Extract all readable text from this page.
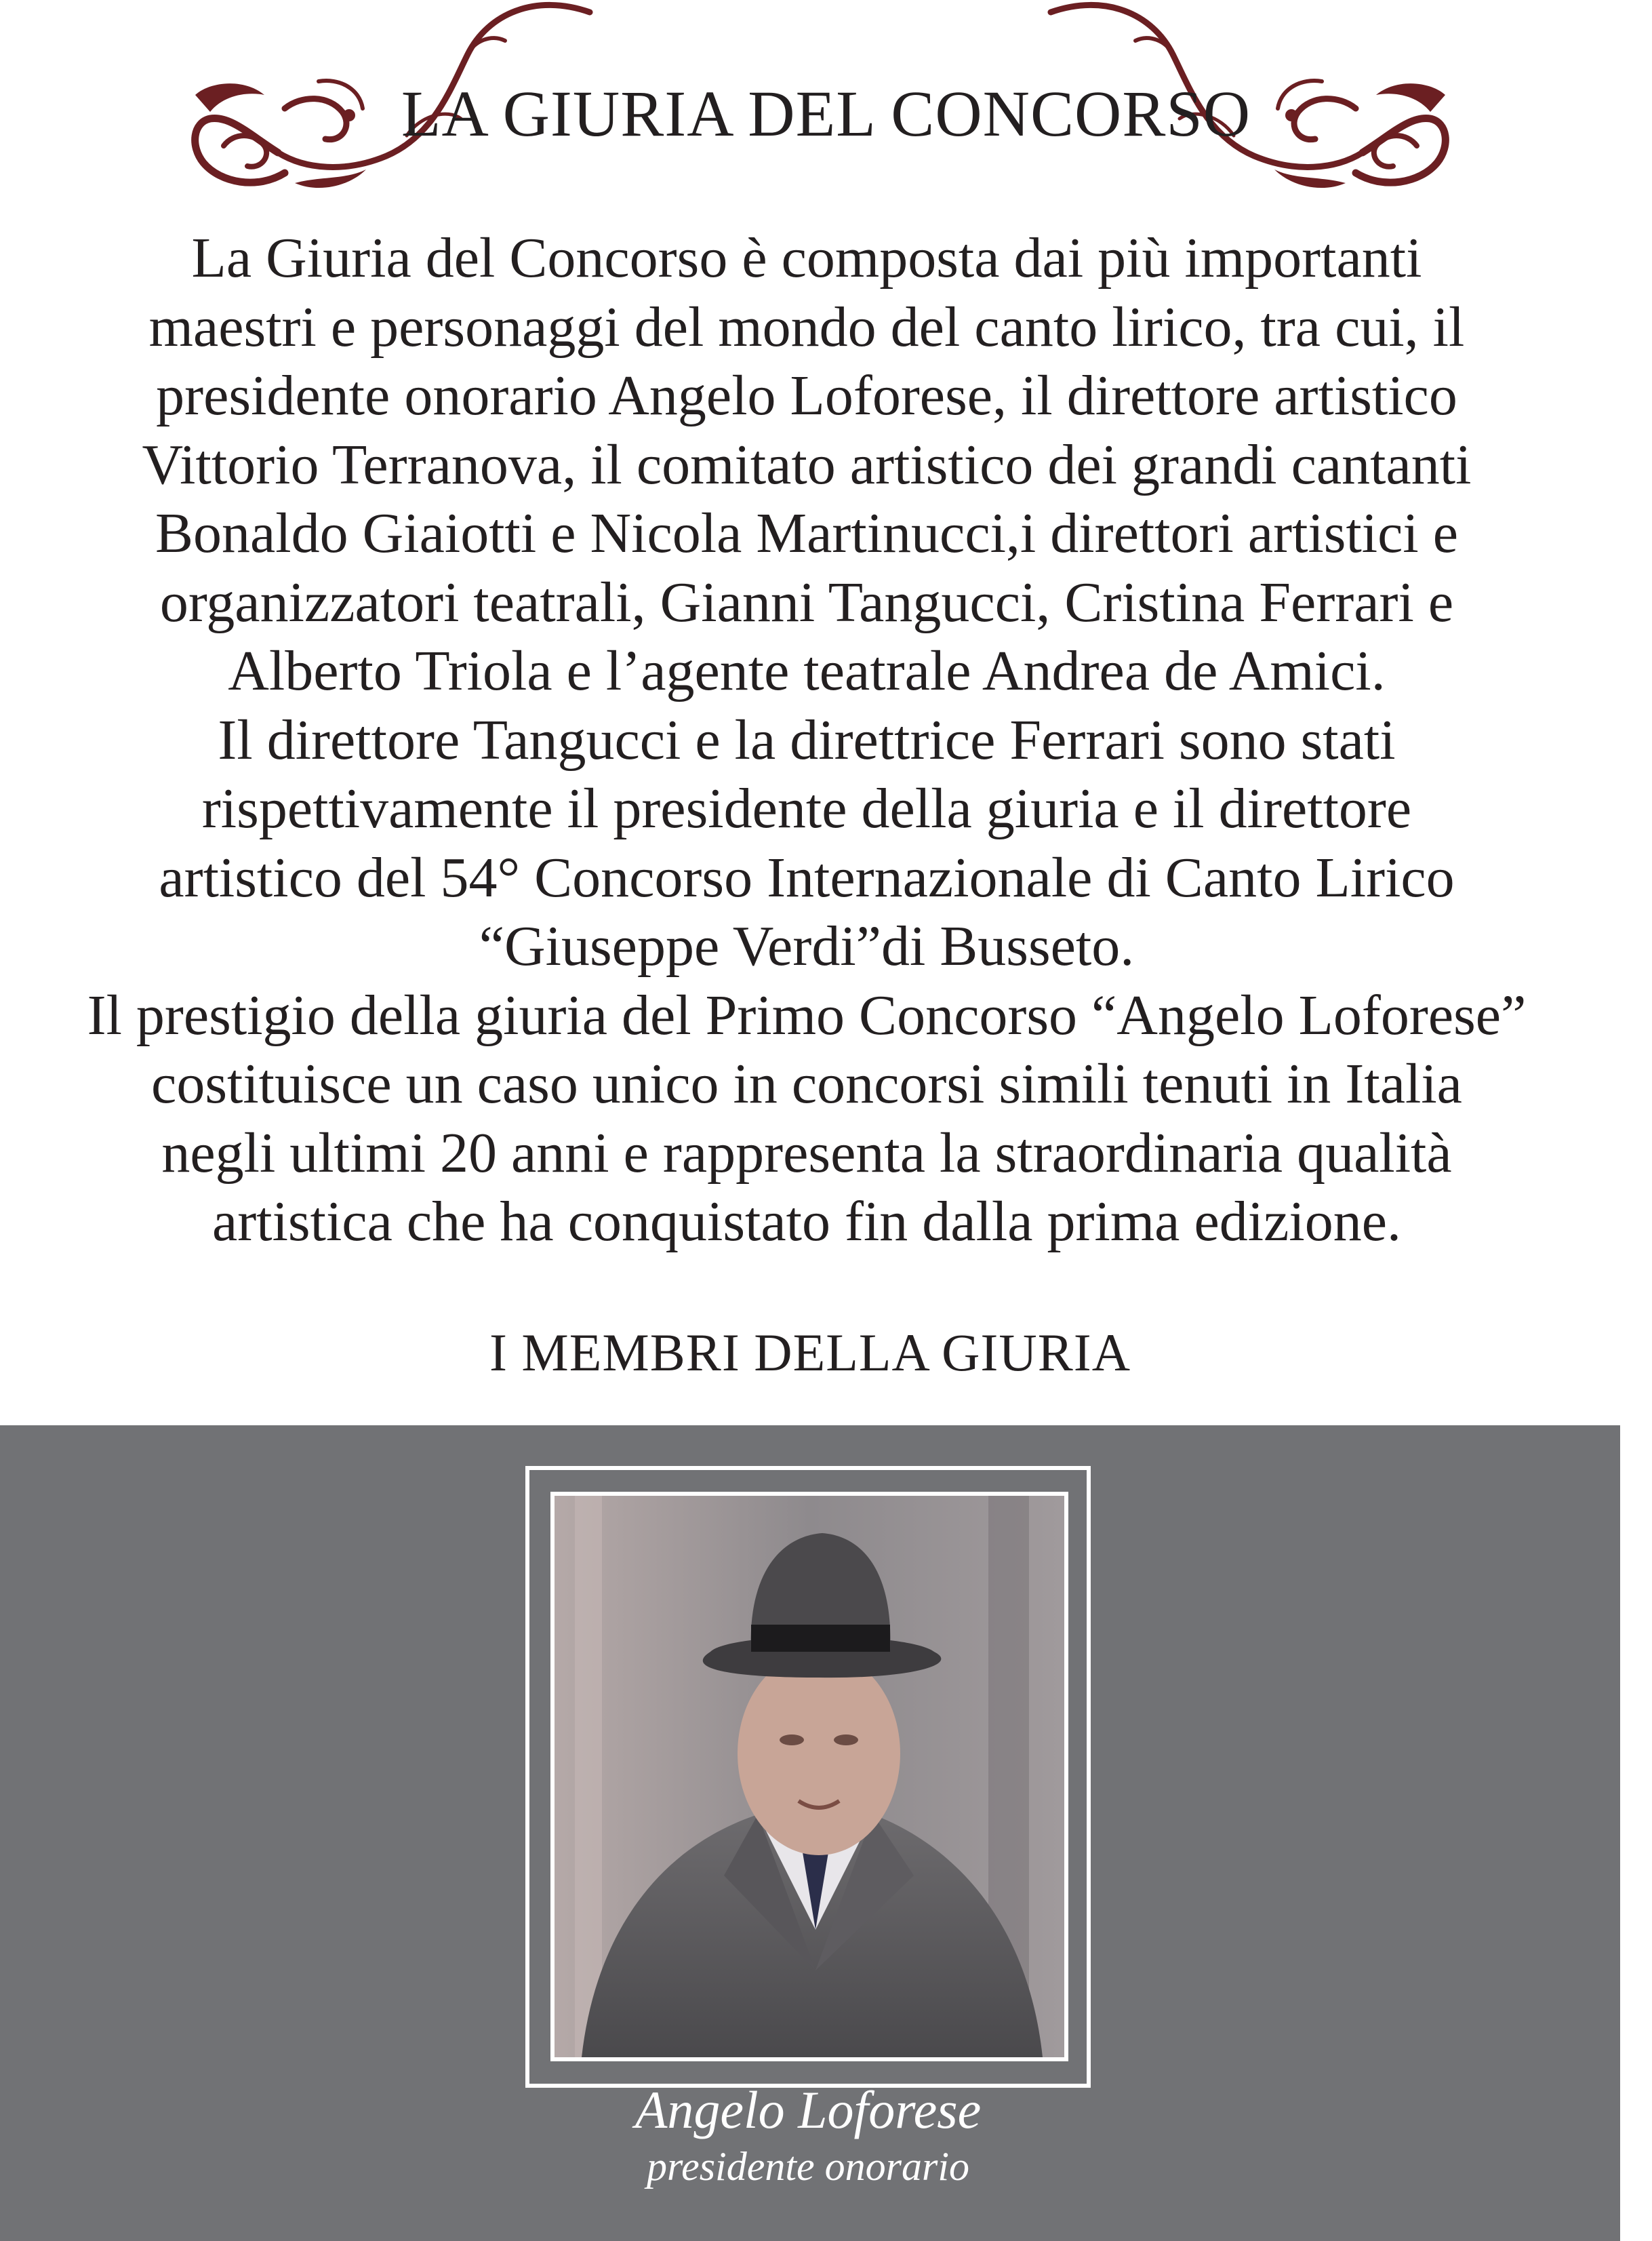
LA GIURIA DEL CONCORSO
La Giuria del Concorso è composta dai più importanti
maestri e personaggi del mondo del canto lirico, tra cui, il
presidente onorario Angelo Loforese, il direttore artistico
Vittorio Terranova, il comitato artistico dei grandi cantanti
Bonaldo Giaiotti e Nicola Martinucci,i direttori artistici e
organizzatori teatrali, Gianni Tangucci, Cristina Ferrari e
Alberto Triola e l’agente teatrale Andrea de Amici.
Il direttore Tangucci e la direttrice Ferrari sono stati
rispettivamente il presidente della giuria e il direttore
artistico del 54° Concorso Internazionale di Canto Lirico
“Giuseppe Verdi”di Busseto.
Il prestigio della giuria del Primo Concorso “Angelo Loforese”
costituisce un caso unico in concorsi simili tenuti in Italia
negli ultimi 20 anni e rappresenta la straordinaria qualità
artistica che ha conquistato fin dalla prima edizione.
I MEMBRI DELLA GIURIA
Angelo Loforese
presidente onorario
